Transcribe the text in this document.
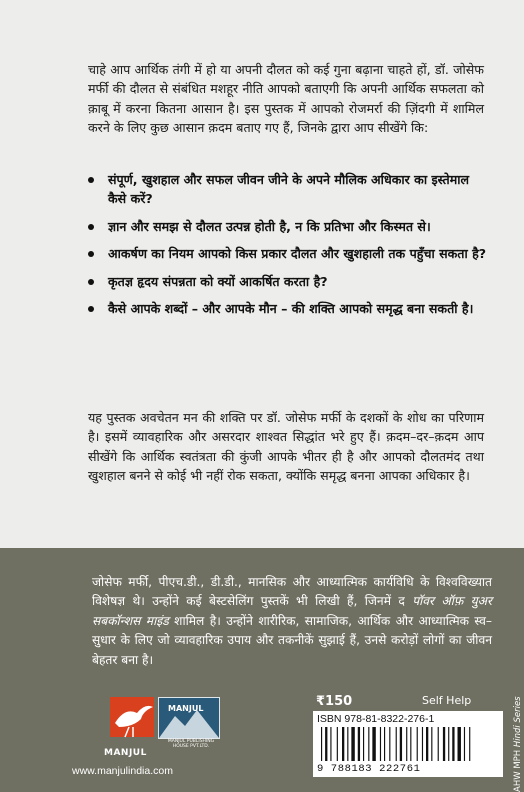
चाहे आप आर्थिक तंगी में हो या अपनी दौलत को कई गुना बढ़ाना चाहते हों, डॉ. जोसेफ मर्फी की दौलत से संबंधित मशहूर नीति आपको बताएगी कि अपनी आर्थिक सफलता को क़ाबू में करना कितना आसान है। इस पुस्तक में आपको रोजमर्रा की ज़िंदगी में शामिल करने के लिए कुछ आसान क़दम बताए गए हैं, जिनके द्वारा आप सीखेंगे कि:

संपूर्ण, खुशहाल और सफल जीवन जीने के अपने मौलिक अधिकार का इस्तेमाल कैसे करें?
ज्ञान और समझ से दौलत उत्पन्न होती है, न कि प्रतिभा और किस्मत से।
आकर्षण का नियम आपको किस प्रकार दौलत और खुशहाली तक पहुँचा सकता है?
कृतज्ञ हृदय संपन्नता को क्यों आकर्षित करता है?
कैसे आपके शब्दों – और आपके मौन – की शक्ति आपको समृद्ध बना सकती है।

यह पुस्तक अवचेतन मन की शक्ति पर डॉ. जोसेफ मर्फी के दशकों के शोध का परिणाम है। इसमें व्यावहारिक और असरदार शाश्वत सिद्धांत भरे हुए हैं। क़दम–दर–क़दम आप सीखेंगे कि आर्थिक स्वतंत्रता की कुंजी आपके भीतर ही है और आपको दौलतमंद तथा खुशहाल बनने से कोई भी नहीं रोक सकता, क्योंकि समृद्ध बनना आपका अधिकार है।

जोसेफ मर्फी, पीएच.डी., डी.डी., मानसिक और आध्यात्मिक कार्यविधि के विश्वविख्यात विशेषज्ञ थे। उन्होंने कई बेस्टसेलिंग पुस्तकें भी लिखी हैं, जिनमें द पॉवर ऑफ़ युअर सबकॉन्शस माइंड शामिल है। उन्होंने शारीरिक, सामाजिक, आर्थिक और आध्यात्मिक स्व–सुधार के लिए जो व्यावहारिक उपाय और तकनीकें सुझाई हैं, उनसे करोड़ों लोगों का जीवन बेहतर बना है।

₹150	Self Help
ISBN 978-81-8322-276-1
9 788183 222761
MANJUL
MANJUL
MANJUL PUBLISHING HOUSE PVT.LTD.
www.manjulindia.com	AHW MPH Hindi Series
